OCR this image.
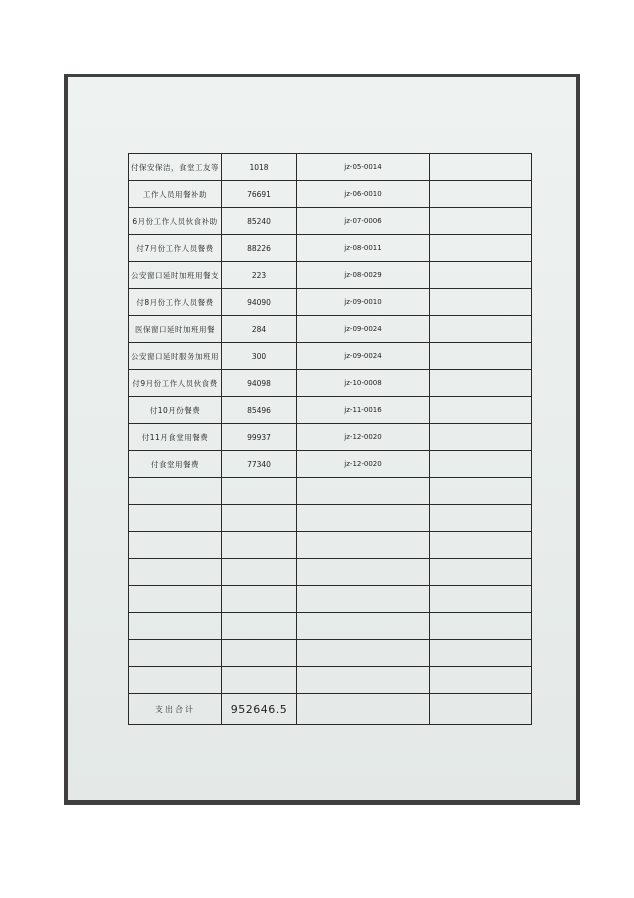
付保安保洁，食堂工友等	1018	jz-05-0014	
工作人员用餐补助	76691	jz-06-0010	
6月份工作人员伙食补助	85240	jz-07-0006	
付7月份工作人员餐费	88226	jz-08-0011	
公安窗口延时加班用餐支	223	jz-08-0029	
付8月份工作人员餐费	94090	jz-09-0010	
医保窗口延时加班用餐	284	jz-09-0024	
公安窗口延时服务加班用	300	jz-09-0024	
付9月份工作人员伙食费	94098	jz-10-0008	
付10月份餐费	85496	jz-11-0016	
付11月食堂用餐费	99937	jz-12-0020	
付食堂用餐费	77340	jz-12-0020	

支出合计	952646.5		
